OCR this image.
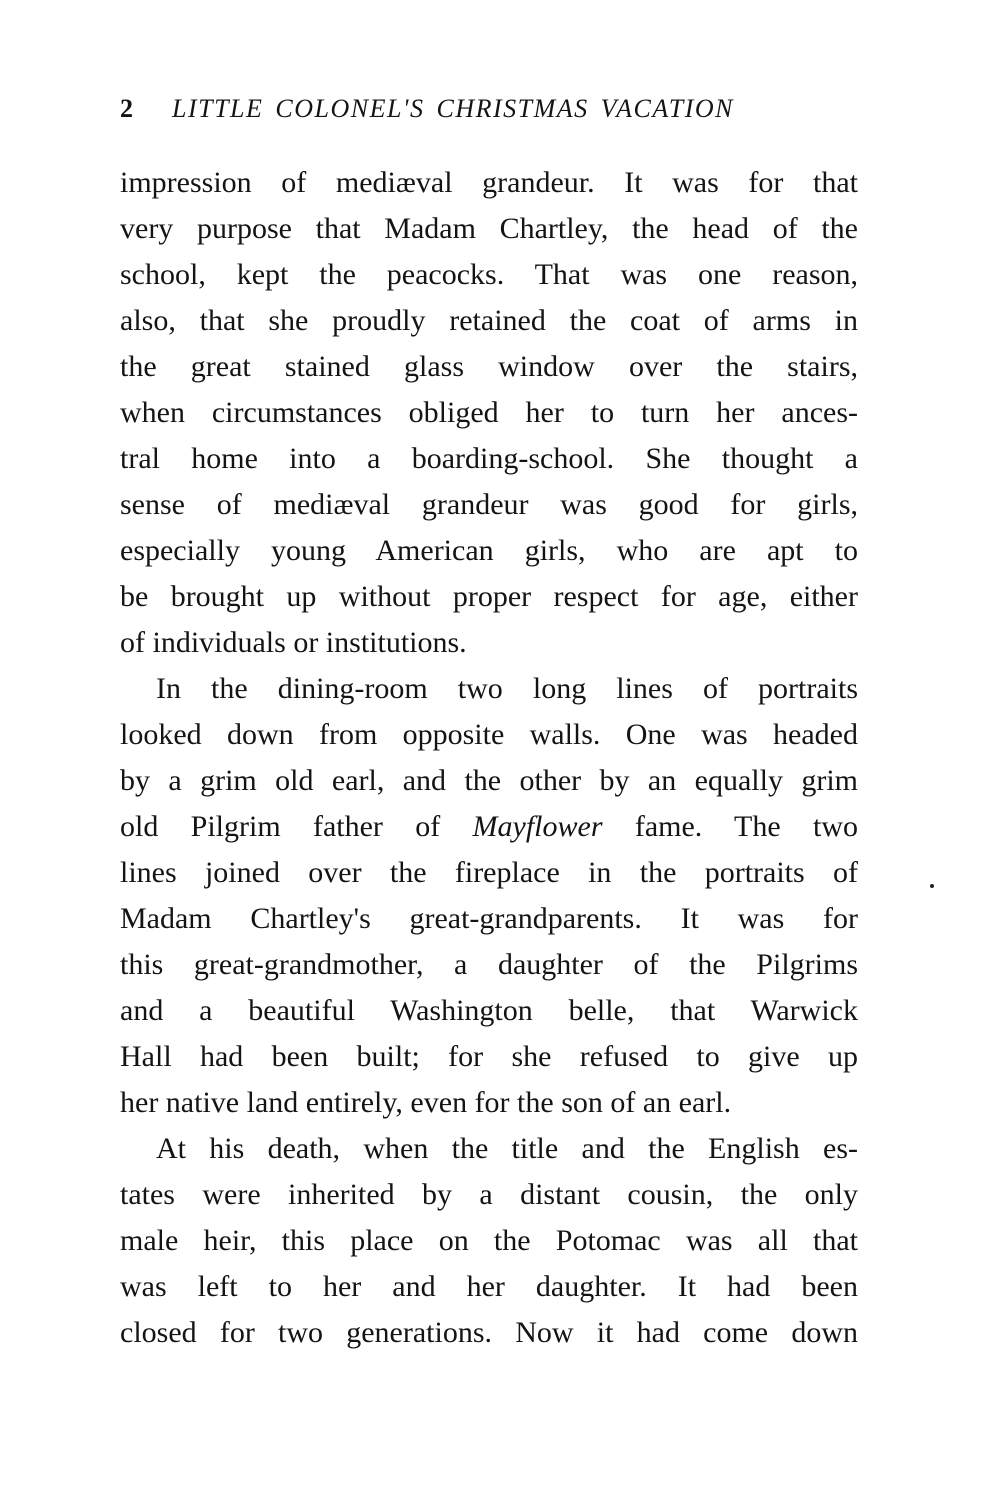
2 LITTLE COLONEL'S CHRISTMAS VACATION
impression of mediæval grandeur. It was for that
very purpose that Madam Chartley, the head of the
school, kept the peacocks. That was one reason,
also, that she proudly retained the coat of arms in
the great stained glass window over the stairs,
when circumstances obliged her to turn her ances-
tral home into a boarding-school. She thought a
sense of mediæval grandeur was good for girls,
especially young American girls, who are apt to
be brought up without proper respect for age, either
of individuals or institutions.
In the dining-room two long lines of portraits
looked down from opposite walls. One was headed
by a grim old earl, and the other by an equally grim
old Pilgrim father of Mayflower fame. The two
lines joined over the fireplace in the portraits of
Madam Chartley's great-grandparents. It was for
this great-grandmother, a daughter of the Pilgrims
and a beautiful Washington belle, that Warwick
Hall had been built; for she refused to give up
her native land entirely, even for the son of an earl.
At his death, when the title and the English es-
tates were inherited by a distant cousin, the only
male heir, this place on the Potomac was all that
was left to her and her daughter. It had been
closed for two generations. Now it had come down
